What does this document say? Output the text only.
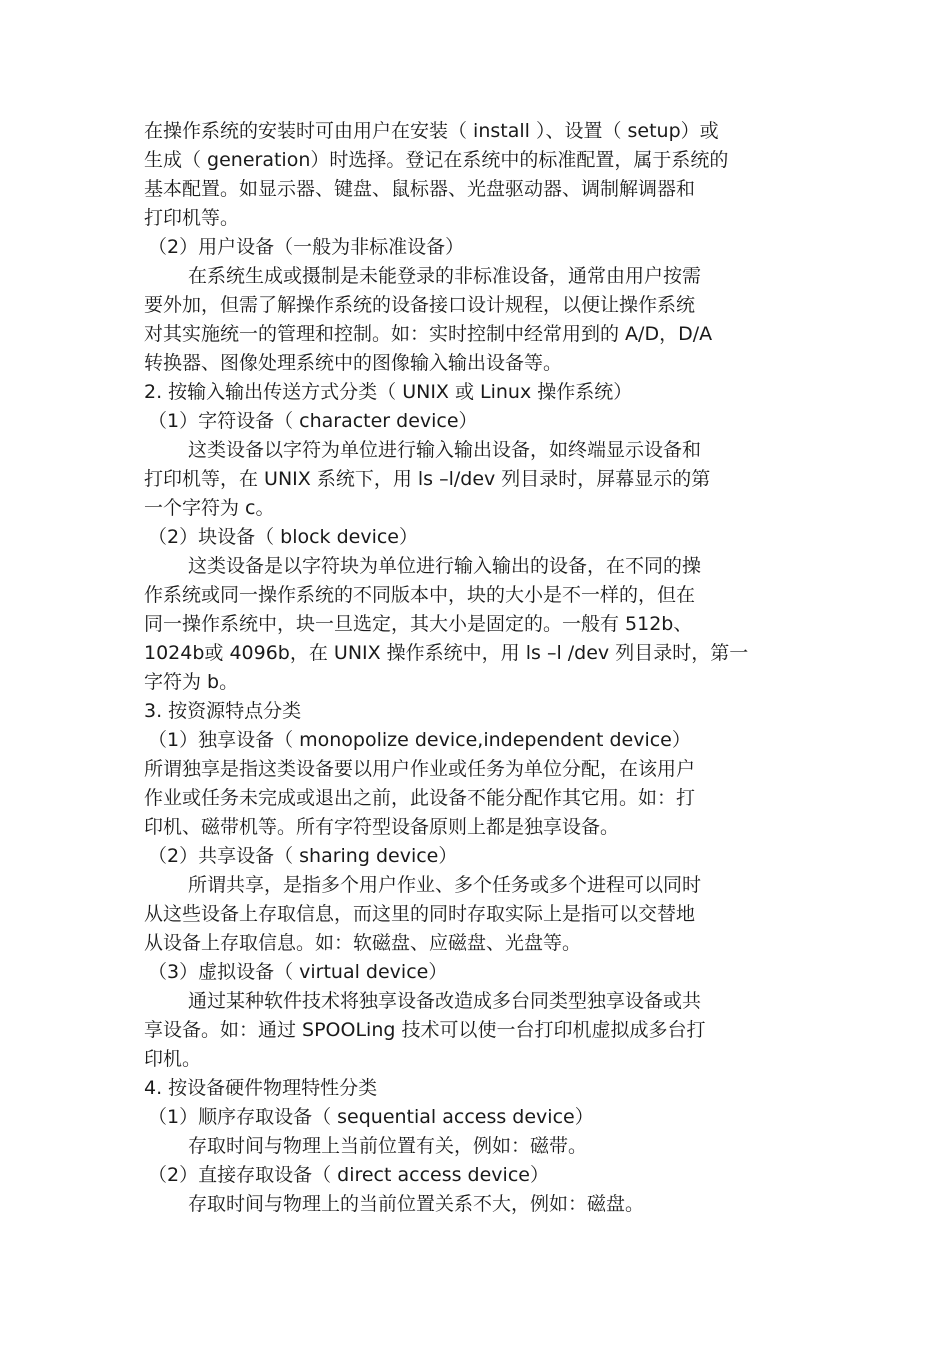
在操作系统的安装时可由用户在安装（ install ）、设置（ setup）或
生成（ generation）时选择。登记在系统中的标准配置，属于系统的
基本配置。如显示器、键盘、鼠标器、光盘驱动器、调制解调器和
打印机等。
（2）用户设备（一般为非标准设备）
在系统生成或摄制是未能登录的非标准设备，通常由用户按需
要外加，但需了解操作系统的设备接口设计规程，以便让操作系统
对其实施统一的管理和控制。如：实时控制中经常用到的 A/D，D/A
转换器、图像处理系统中的图像输入输出设备等。
2. 按输入输出传送方式分类（ UNIX 或 Linux 操作系统）
（1）字符设备（ character device）
这类设备以字符为单位进行输入输出设备，如终端显示设备和
打印机等，在 UNIX 系统下，用 ls –l/dev 列目录时，屏幕显示的第
一个字符为 c。
（2）块设备（ block device）
这类设备是以字符块为单位进行输入输出的设备，在不同的操
作系统或同一操作系统的不同版本中，块的大小是不一样的，但在
同一操作系统中，块一旦选定，其大小是固定的。一般有 512b、
1024b或 4096b，在 UNIX 操作系统中，用 ls –l /dev 列目录时，第一
字符为 b。
3. 按资源特点分类
（1）独享设备（ monopolize device,independent device）
所谓独享是指这类设备要以用户作业或任务为单位分配，在该用户
作业或任务未完成或退出之前，此设备不能分配作其它用。如：打
印机、磁带机等。所有字符型设备原则上都是独享设备。
（2）共享设备（ sharing device）
所谓共享，是指多个用户作业、多个任务或多个进程可以同时
从这些设备上存取信息，而这里的同时存取实际上是指可以交替地
从设备上存取信息。如：软磁盘、应磁盘、光盘等。
（3）虚拟设备（ virtual device）
通过某种软件技术将独享设备改造成多台同类型独享设备或共
享设备。如：通过 SPOOLing 技术可以使一台打印机虚拟成多台打
印机。
4. 按设备硬件物理特性分类
（1）顺序存取设备（ sequential access device）
存取时间与物理上当前位置有关，例如：磁带。
（2）直接存取设备（ direct access device）
存取时间与物理上的当前位置关系不大，例如：磁盘。
